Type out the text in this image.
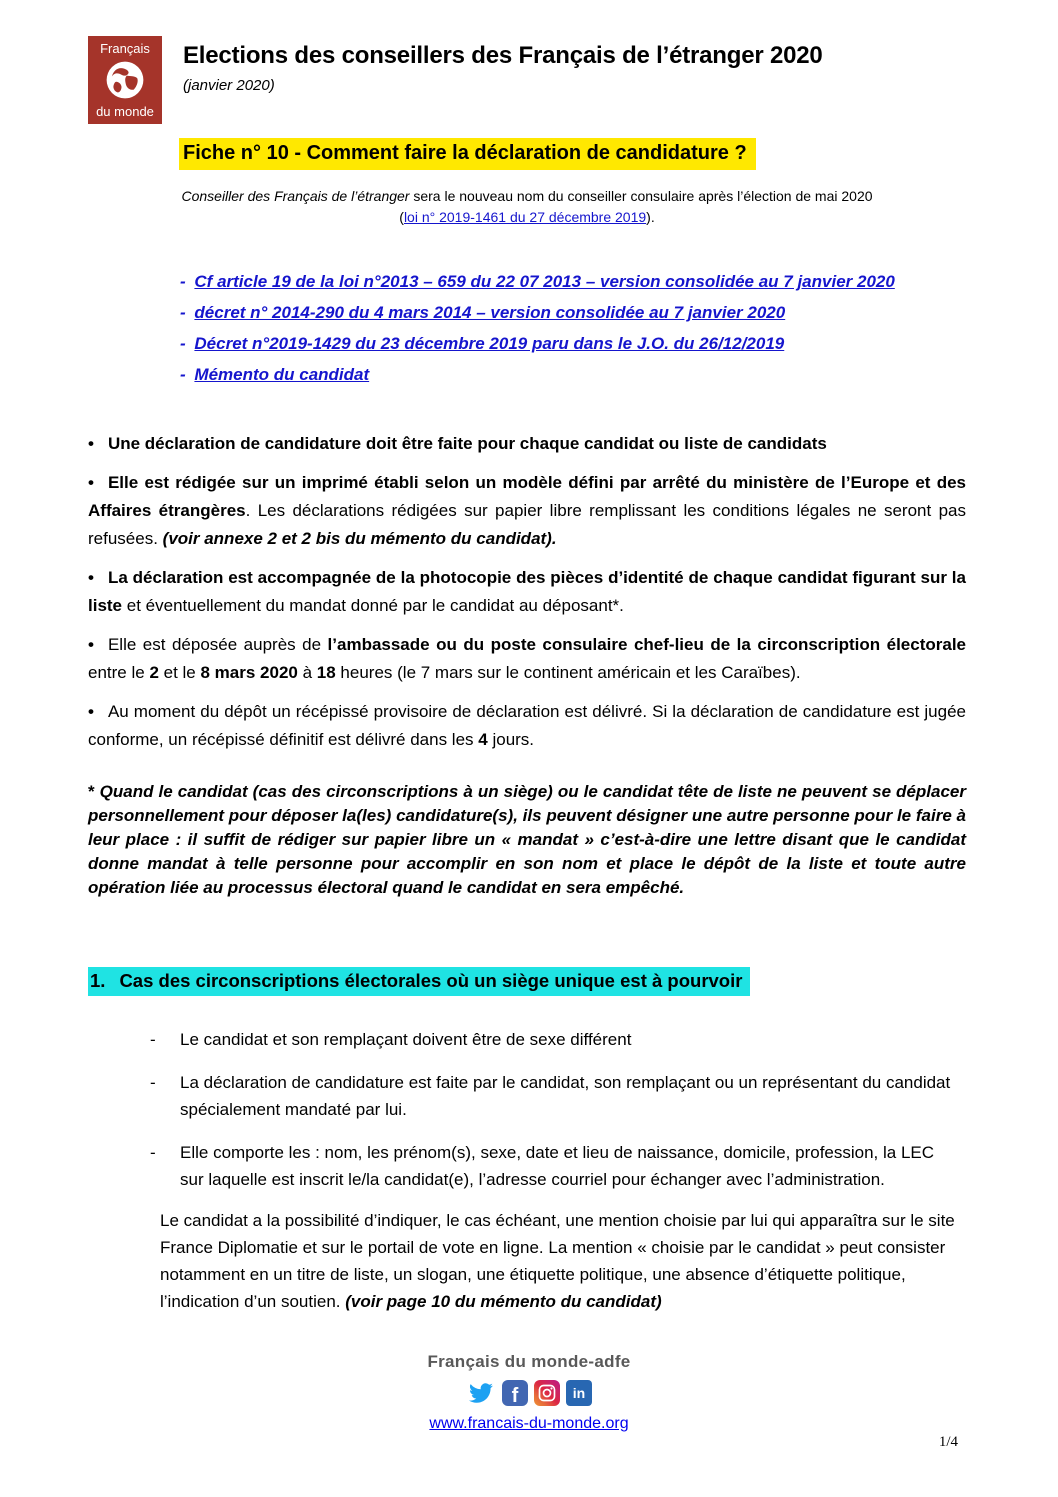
Français
du monde
Elections des conseillers des Français de l’étranger 2020
(janvier 2020)
Fiche n° 10 - Comment faire la déclaration de candidature ?

Conseiller des Français de l’étranger sera le nouveau nom du conseiller consulaire après l’élection de mai 2020

(loi n° 2019-1461 du 27 décembre 2019).

- Cf article 19 de la loi n°2013 – 659 du 22 07 2013 – version consolidée au 7 janvier 2020
- décret n° 2014-290 du 4 mars 2014 – version consolidée au 7 janvier 2020
- Décret n°2019-1429 du 23 décembre 2019 paru dans le J.O. du 26/12/2019
- Mémento du candidat

• Une déclaration de candidature doit être faite pour chaque candidat ou liste de candidats

• Elle est rédigée sur un imprimé établi selon un modèle défini par arrêté du ministère de l’Europe et des Affaires étrangères. Les déclarations rédigées sur papier libre remplissant les conditions légales ne seront pas refusées. (voir annexe 2 et 2 bis du mémento du candidat).

• La déclaration est accompagnée de la photocopie des pièces d’identité de chaque candidat figurant sur la liste et éventuellement du mandat donné par le candidat au déposant*.

• Elle est déposée auprès de l’ambassade ou du poste consulaire chef-lieu de la circonscription électorale entre le 2 et le 8 mars 2020 à 18 heures (le 7 mars sur le continent américain et les Caraïbes).

• Au moment du dépôt un récépissé provisoire de déclaration est délivré. Si la déclaration de candidature est jugée conforme, un récépissé définitif est délivré dans les 4 jours.

* Quand le candidat (cas des circonscriptions à un siège) ou le candidat tête de liste ne peuvent se déplacer personnellement pour déposer la(les) candidature(s), ils peuvent désigner une autre personne pour le faire à leur place : il suffit de rédiger sur papier libre un « mandat » c’est-à-dire une lettre disant que le candidat donne mandat à telle personne pour accomplir en son nom et place le dépôt de la liste et toute autre opération liée au processus électoral quand le candidat en sera empêché.

1. Cas des circonscriptions électorales où un siège unique est à pourvoir
-	Le candidat et son remplaçant doivent être de sexe différent
-	La déclaration de candidature est faite par le candidat, son remplaçant ou un représentant du candidat spécialement mandaté par lui.
-	Elle comporte les : nom, les prénom(s), sexe, date et lieu de naissance, domicile, profession, la LEC sur laquelle est inscrit le/la candidat(e), l’adresse courriel pour échanger avec l’administration.

Le candidat a la possibilité d’indiquer, le cas échéant, une mention choisie par lui qui apparaîtra sur le site France Diplomatie et sur le portail de vote en ligne. La mention « choisie par le candidat » peut consister notamment en un titre de liste, un slogan, une étiquette politique, une absence d’étiquette politique, l’indication d’un soutien. (voir page 10 du mémento du candidat)

Français du monde-adfe
f	in
www.francais-du-monde.org
1/4
